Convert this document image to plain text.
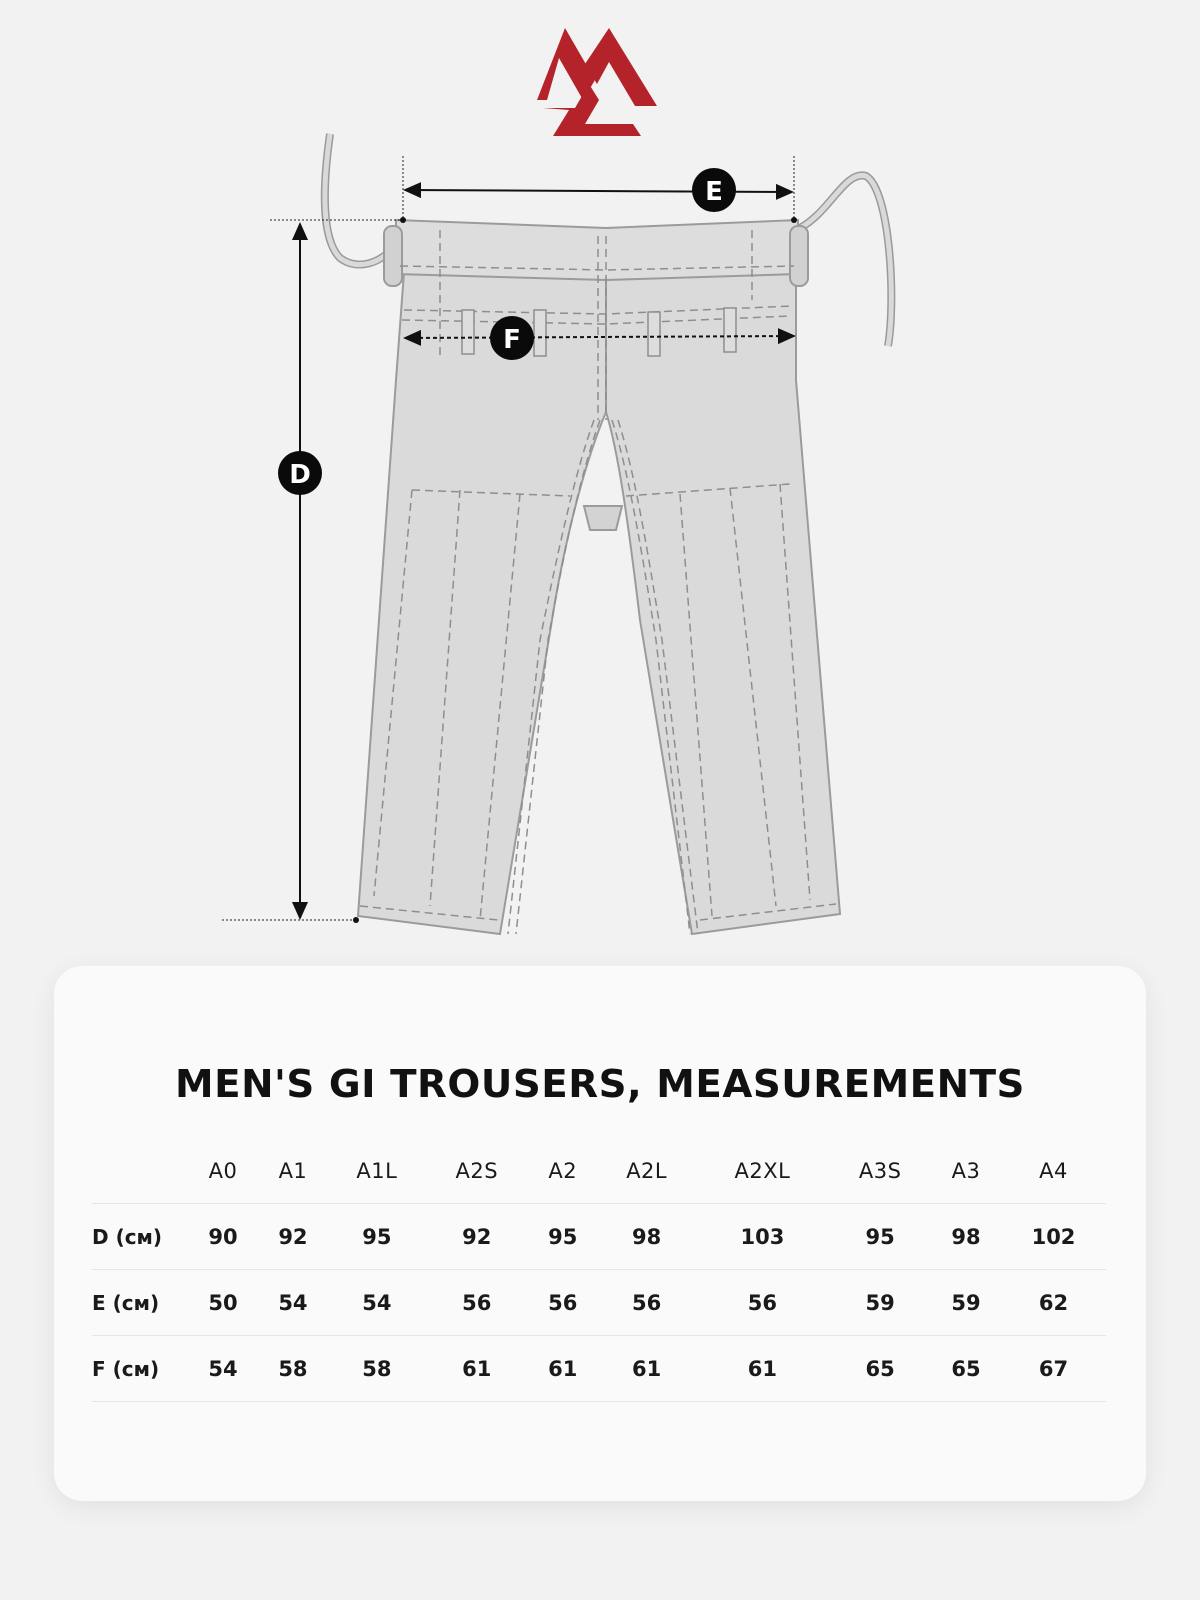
D
E
F
MEN'S GI TROUSERS, MEASUREMENTS
	A0	A1	A1L	A2S	A2	A2L	A2XL	A3S	A3	A4
D (см)	90	92	95	92	95	98	103	95	98	102
E (см)	50	54	54	56	56	56	56	59	59	62
F (см)	54	58	58	61	61	61	61	65	65	67
